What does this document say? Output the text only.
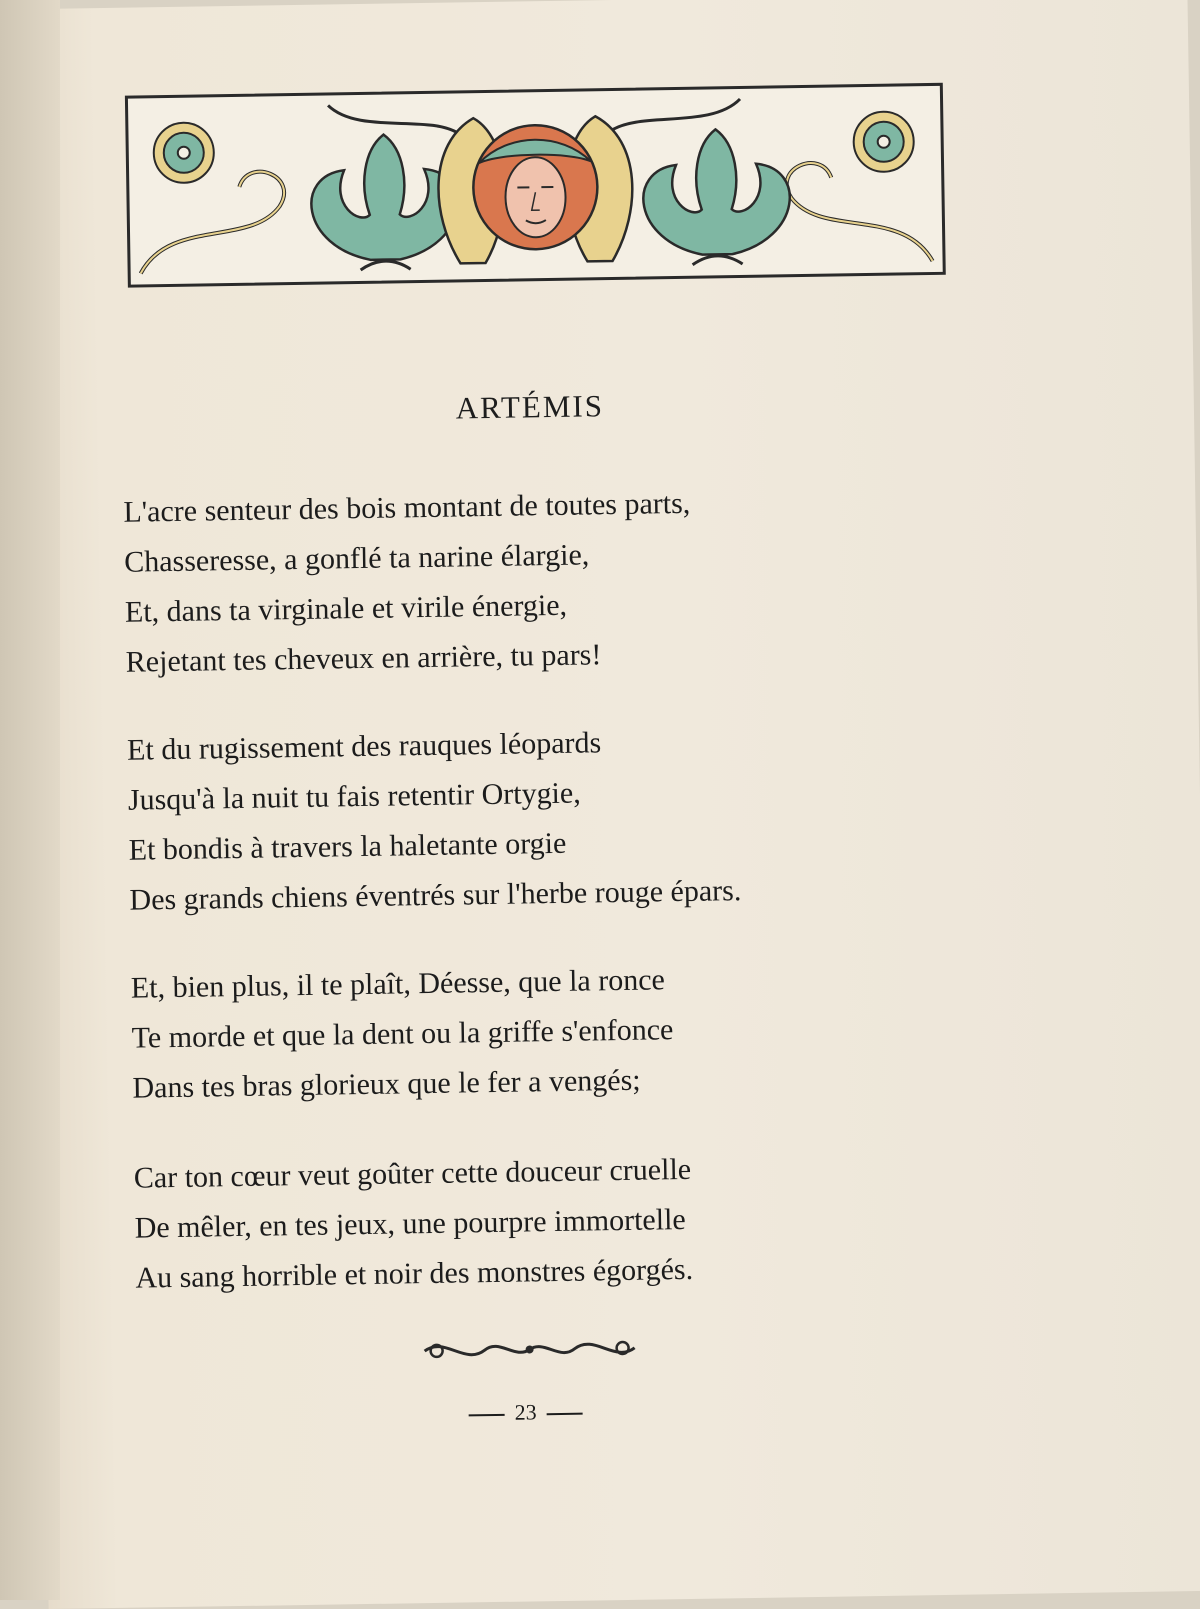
ARTÉMIS
L'acre senteur des bois montant de toutes parts,
Chasseresse, a gonflé ta narine élargie,
Et, dans ta virginale et virile énergie,
Rejetant tes cheveux en arrière, tu pars!
Et du rugissement des rauques léopards
Jusqu'à la nuit tu fais retentir Ortygie,
Et bondis à travers la haletante orgie
Des grands chiens éventrés sur l'herbe rouge épars.
Et, bien plus, il te plaît, Déesse, que la ronce
Te morde et que la dent ou la griffe s'enfonce
Dans tes bras glorieux que le fer a vengés;
Car ton cœur veut goûter cette douceur cruelle
De mêler, en tes jeux, une pourpre immortelle
Au sang horrible et noir des monstres égorgés.
23
